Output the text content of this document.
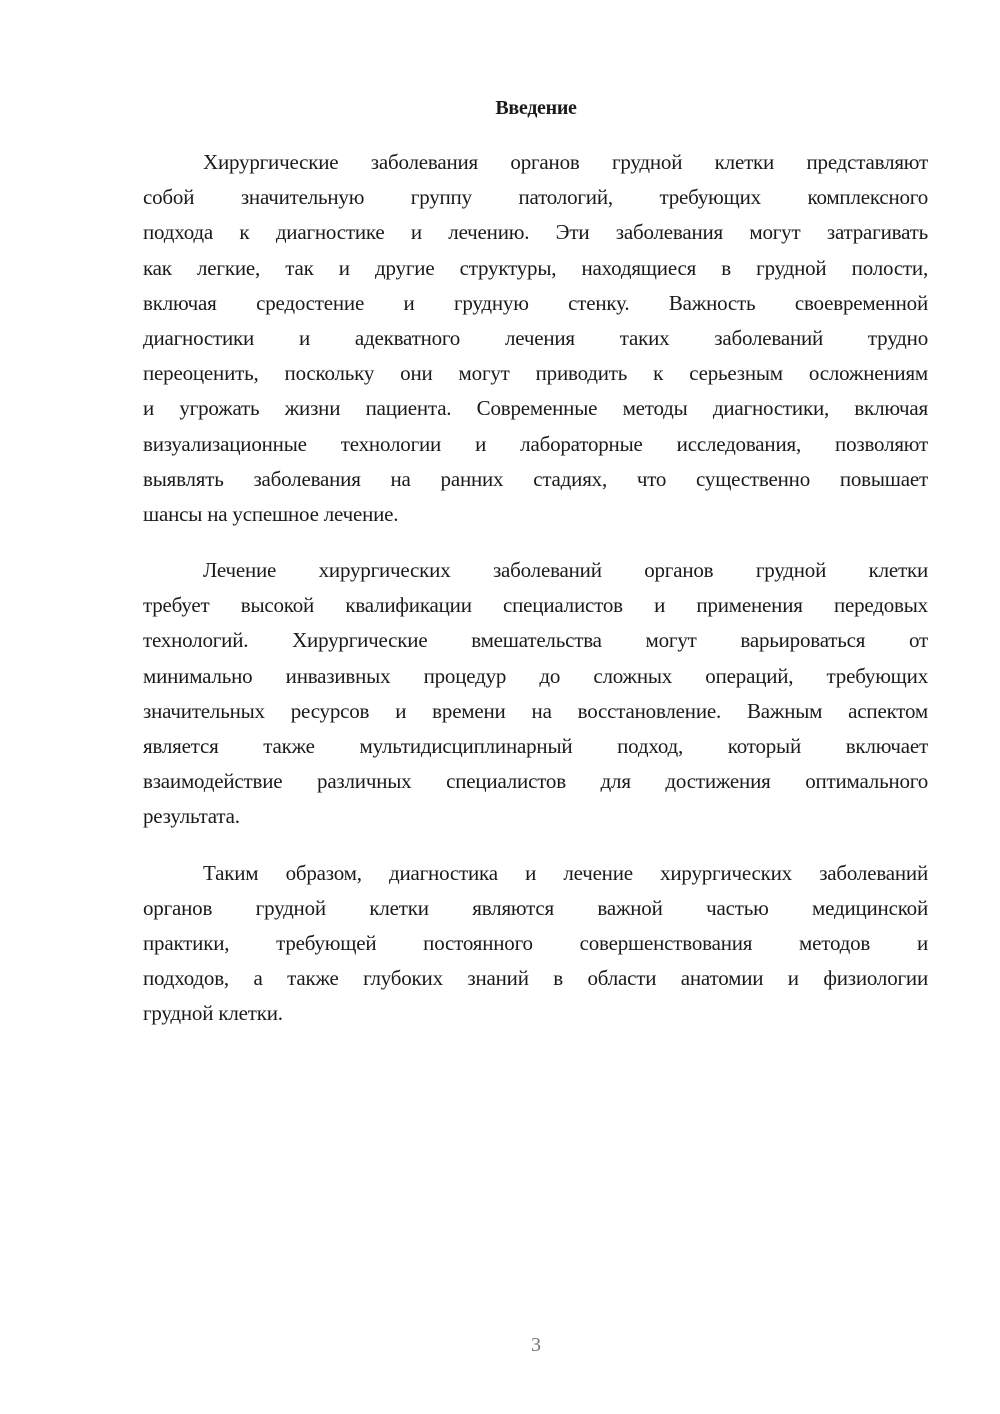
Введение
Хирургические заболевания органов грудной клетки представляют
собой значительную группу патологий, требующих комплексного
подхода к диагностике и лечению. Эти заболевания могут затрагивать
как легкие, так и другие структуры, находящиеся в грудной полости,
включая средостение и грудную стенку. Важность своевременной
диагностики и адекватного лечения таких заболеваний трудно
переоценить, поскольку они могут приводить к серьезным осложнениям
и угрожать жизни пациента. Современные методы диагностики, включая
визуализационные технологии и лабораторные исследования, позволяют
выявлять заболевания на ранних стадиях, что существенно повышает
шансы на успешное лечение.
Лечение хирургических заболеваний органов грудной клетки
требует высокой квалификации специалистов и применения передовых
технологий. Хирургические вмешательства могут варьироваться от
минимально инвазивных процедур до сложных операций, требующих
значительных ресурсов и времени на восстановление. Важным аспектом
является также мультидисциплинарный подход, который включает
взаимодействие различных специалистов для достижения оптимального
результата.
Таким образом, диагностика и лечение хирургических заболеваний
органов грудной клетки являются важной частью медицинской
практики, требующей постоянного совершенствования методов и
подходов, а также глубоких знаний в области анатомии и физиологии
грудной клетки.
3
